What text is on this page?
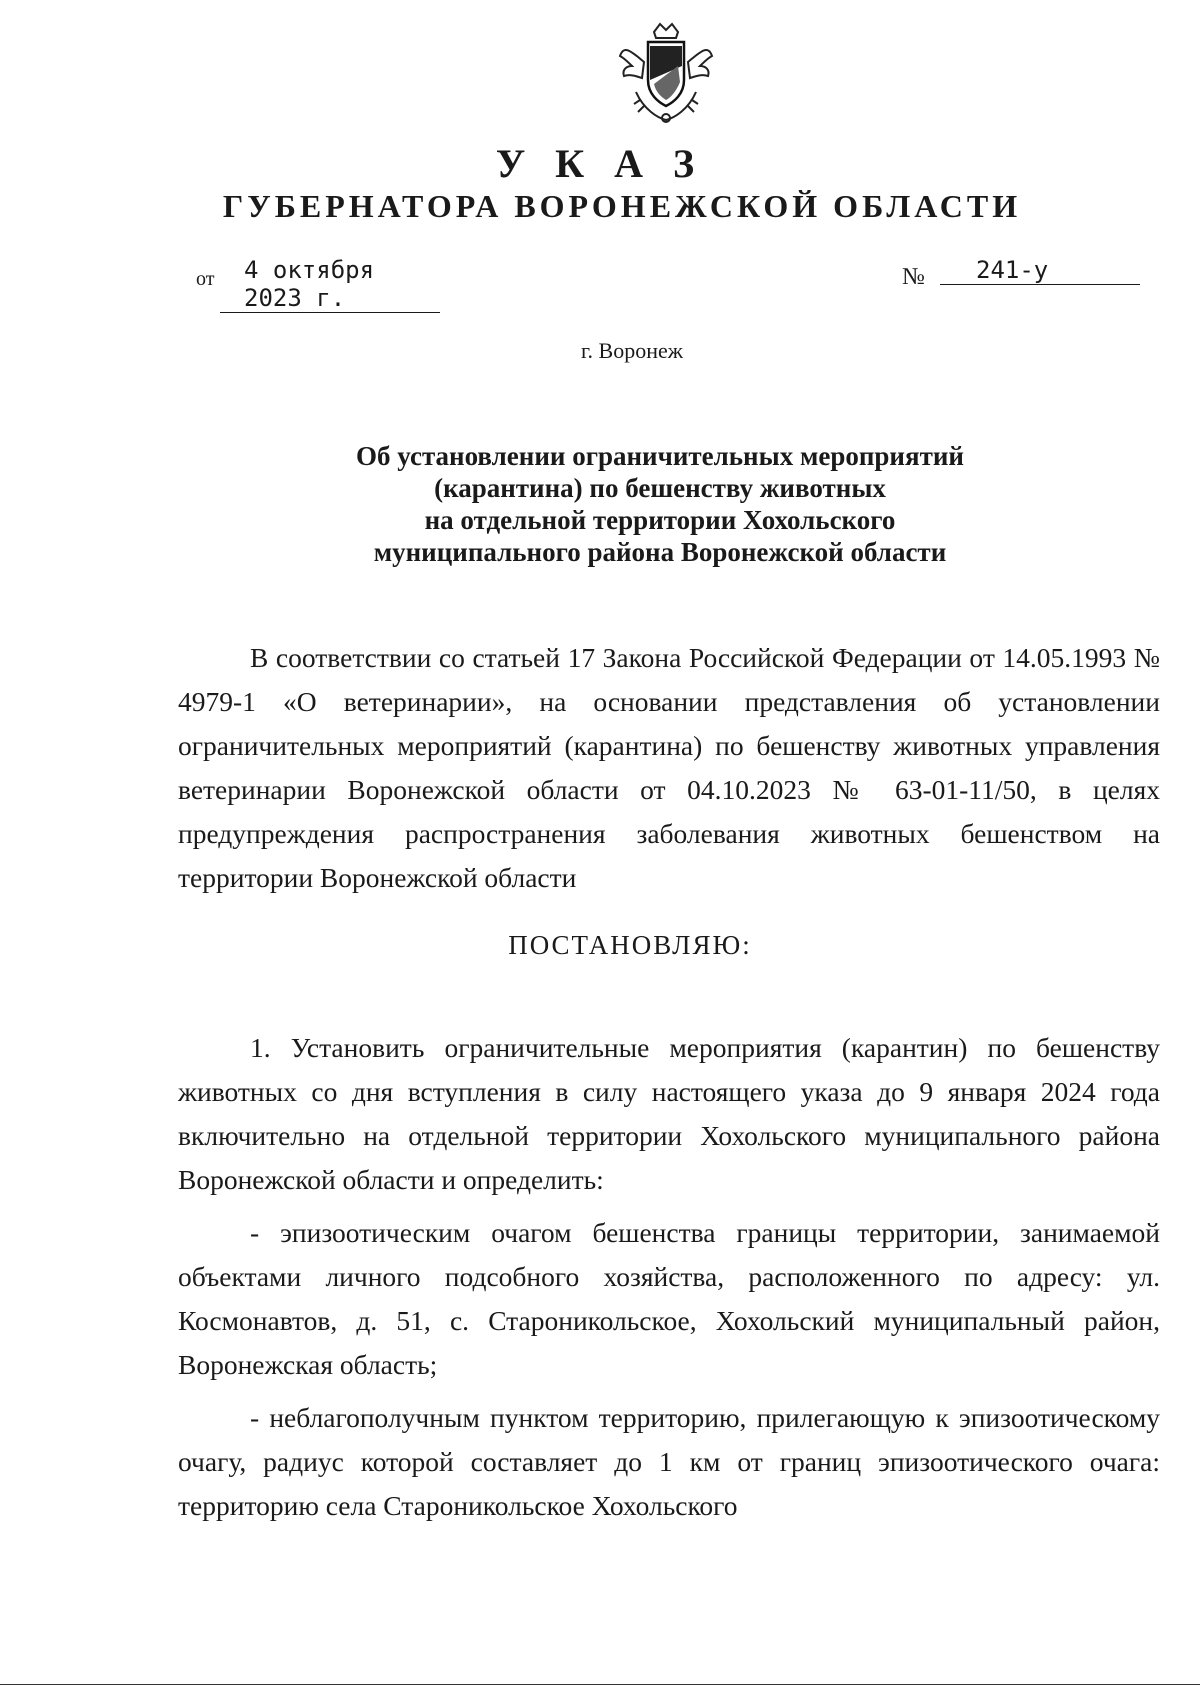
У К А З
ГУБЕРНАТОРА ВОРОНЕЖСКОЙ ОБЛАСТИ
от	4 октября 2023 г.
№	241-у
г. Воронеж
Об установлении ограничительных мероприятий
(карантина) по бешенству животных
на отдельной территории Хохольского
муниципального района Воронежской области

В соответствии со статьей 17 Закона Российской Федерации от 14.05.1993 № 4979-1 «О ветеринарии», на основании представления об установлении ограничительных мероприятий (карантина) по бешенству животных управления ветеринарии Воронежской области от 04.10.2023 № 63-01-11/50, в целях предупреждения распространения заболевания животных бешенством на территории Воронежской области

ПОСТАНОВЛЯЮ:

1. Установить ограничительные мероприятия (карантин) по бешенству животных со дня вступления в силу настоящего указа до 9 января 2024 года включительно на отдельной территории Хохольского муниципального района Воронежской области и определить:

- эпизоотическим очагом бешенства границы территории, занимаемой объектами личного подсобного хозяйства, расположенного по адресу: ул. Космонавтов, д. 51, с. Староникольское, Хохольский муниципальный район, Воронежская область;

- неблагополучным пунктом территорию, прилегающую к эпизоотическому очагу, радиус которой составляет до 1 км от границ эпизоотического очага: территорию села Староникольское Хохольского
